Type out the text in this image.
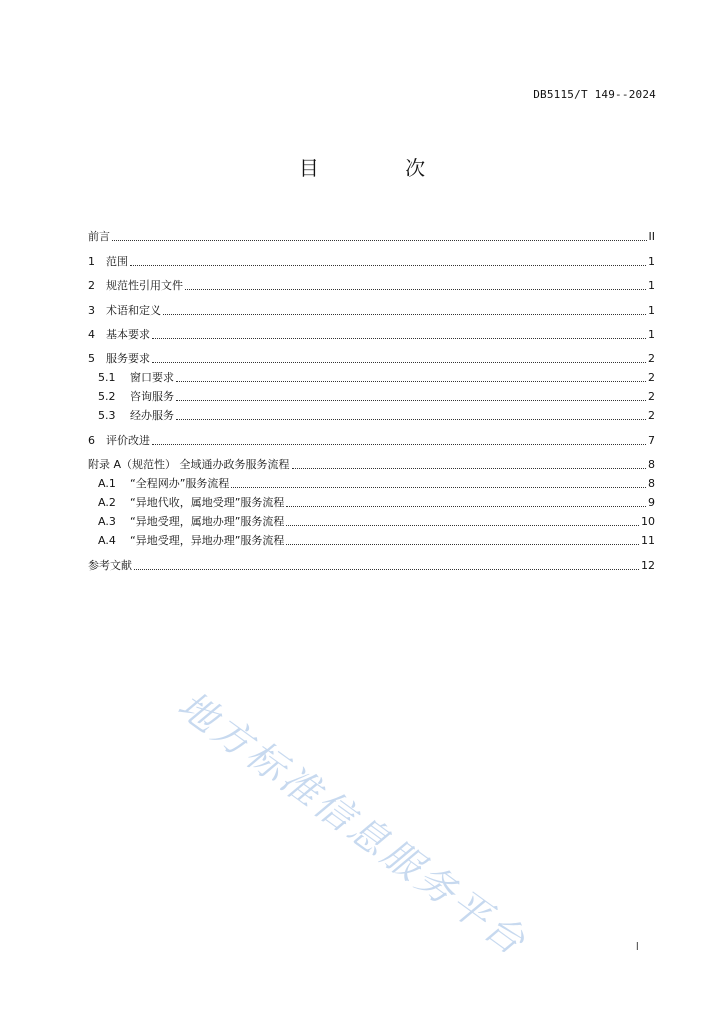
DB5115/T 149--2024
目 次
前言	II
1	范围	1
2	规范性引用文件	1
3	术语和定义	1
4	基本要求	1
5	服务要求	2
5.1	窗口要求	2
5.2	咨询服务	2
5.3	经办服务	2
6	评价改进	7
附录 A（规范性） 全域通办政务服务流程	8
A.1	“全程网办”服务流程	8
A.2	“异地代收，属地受理”服务流程	9
A.3	“异地受理，属地办理”服务流程	10
A.4	“异地受理，异地办理”服务流程	11
参考文献	12
地方标准信息服务平台	I
